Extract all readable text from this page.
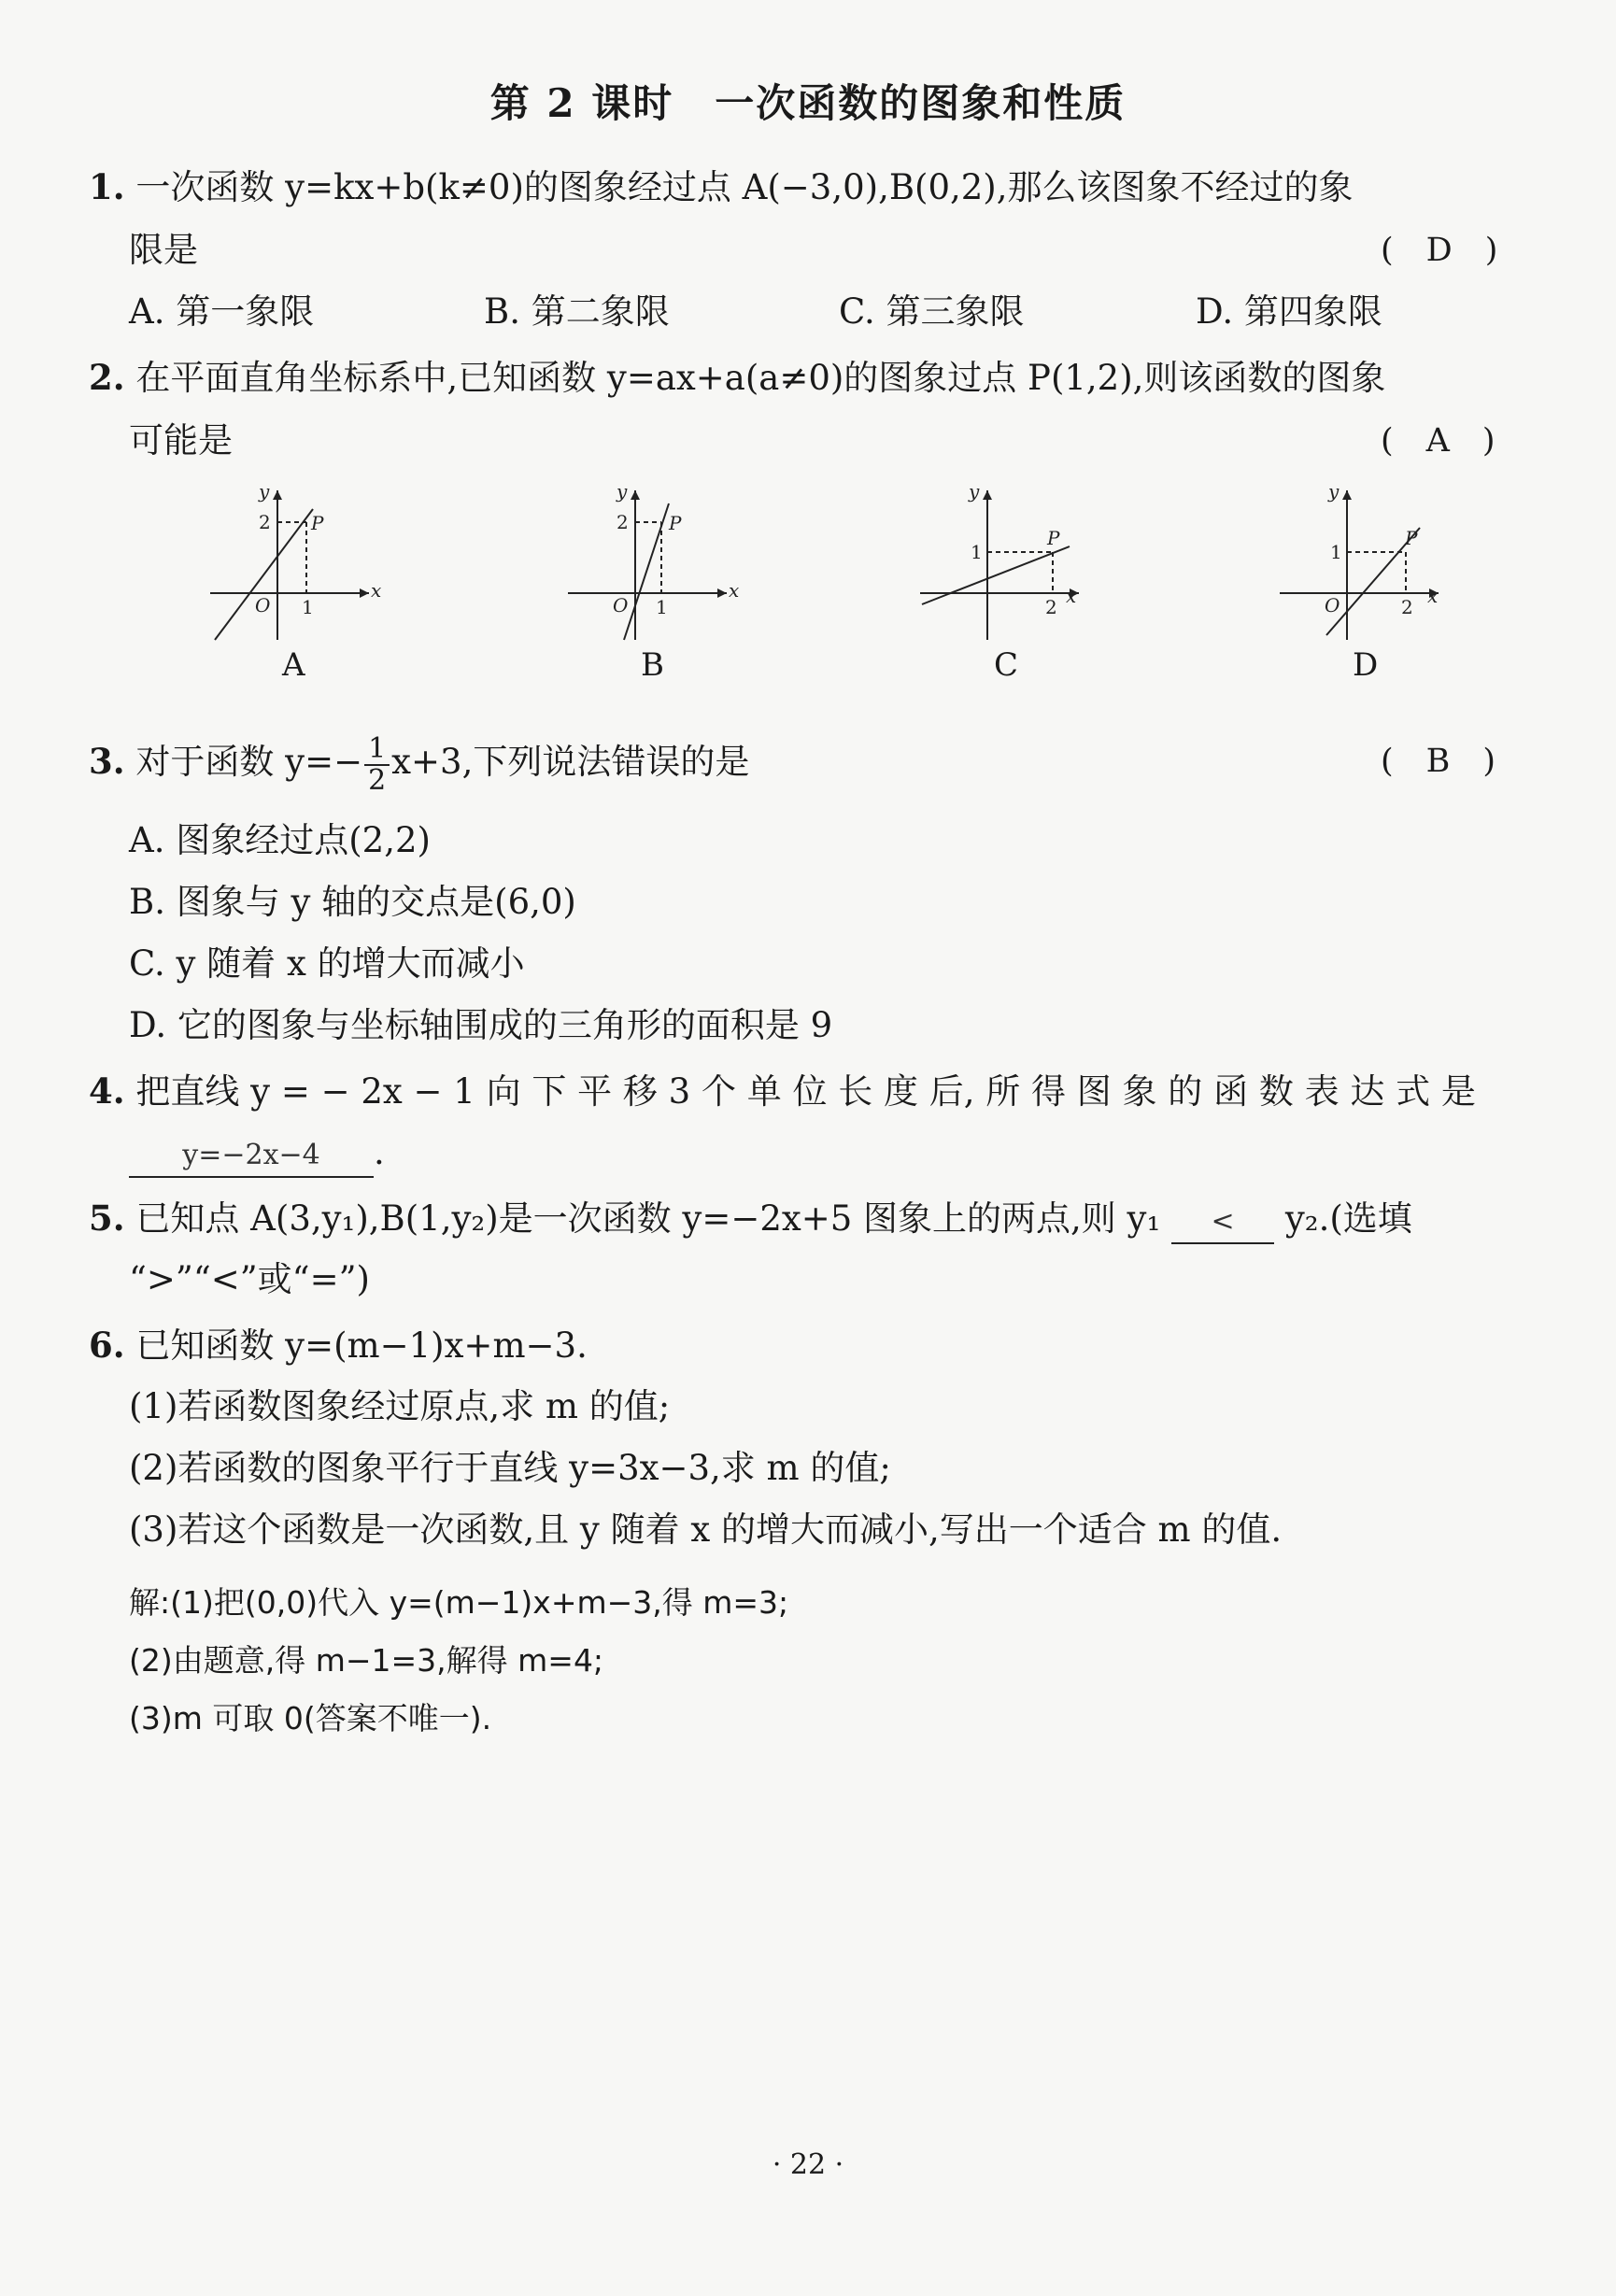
第 2 课时　一次函数的图象和性质
1. 一次函数 y=kx+b(k≠0)的图象经过点 A(−3,0),B(0,2),那么该图象不经过的象
限是	(　D　)
A. 第一象限	B. 第二象限	C. 第三象限	D. 第四象限
2. 在平面直角坐标系中,已知函数 y=ax+a(a≠0)的图象过点 P(1,2),则该函数的图象
可能是	(　A　)
y
x
O
P
2
1
y
x
O
P
2
1
y
x
P
1
2
y
x
O
P
1
2
A	B	C	D
3. 对于函数 $y=- \frac{1}{2} x+3$,下列说法错误的是	(　B　)
A. 图象经过点(2,2)
B. 图象与 y 轴的交点是(6,0)
C. y 随着 x 的增大而减小
D. 它的图象与坐标轴围成的三角形的面积是 9
4. 把直线 y = − 2x − 1 向 下 平 移 3 个 单 位 长 度 后, 所 得 图 象 的 函 数 表 达 式 是
y=−2x−4 .
5. 已知点 A(3,y₁),B(1,y₂)是一次函数 y=−2x+5 图象上的两点,则 y₁ < y₂.(选填
“>”“<”或“=”)
6. 已知函数 y=(m−1)x+m−3.
(1)若函数图象经过原点,求 m 的值;
(2)若函数的图象平行于直线 y=3x−3,求 m 的值;
(3)若这个函数是一次函数,且 y 随着 x 的增大而减小,写出一个适合 m 的值.
解:(1)把(0,0)代入 y=(m−1)x+m−3,得 m=3;
(2)由题意,得 m−1=3,解得 m=4;
(3)m 可取 0(答案不唯一).
· 22 ·
